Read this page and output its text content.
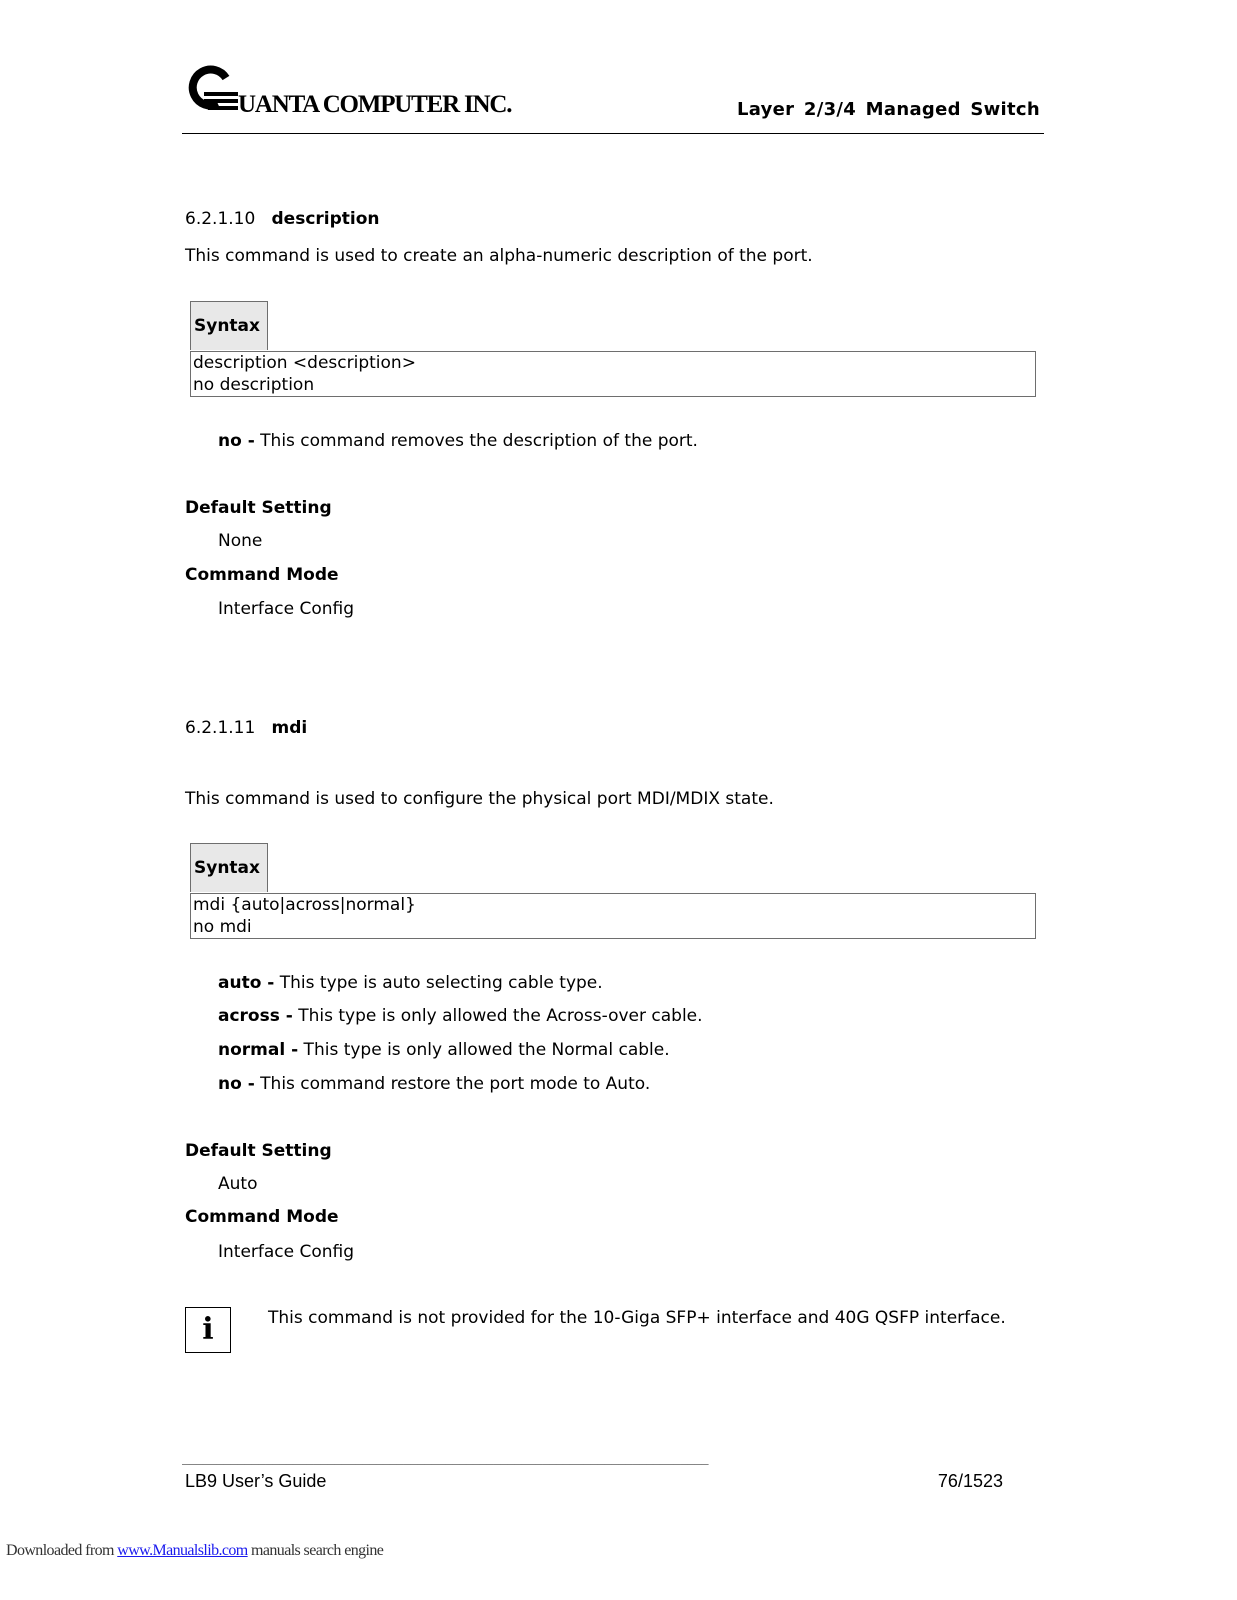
UANTA COMPUTER INC.	Layer 2/3/4 Managed Switch
6.2.1.10 description
This command is used to create an alpha-numeric description of the port.
Syntax
description <description>
no description
no - This command removes the description of the port.
Default Setting
None
Command Mode
Interface Config
6.2.1.11 mdi
This command is used to configure the physical port MDI/MDIX state.
Syntax
mdi {auto|across|normal}
no mdi
auto - This type is auto selecting cable type.
across - This type is only allowed the Across-over cable.
normal - This type is only allowed the Normal cable.
no - This command restore the port mode to Auto.
Default Setting
Auto
Command Mode
Interface Config
i	This command is not provided for the 10-Giga SFP+ interface and 40G QSFP interface.
____________________________________________________________________________
LB9 User’s Guide	76/1523
Downloaded from www.Manualslib.com manuals search engine
